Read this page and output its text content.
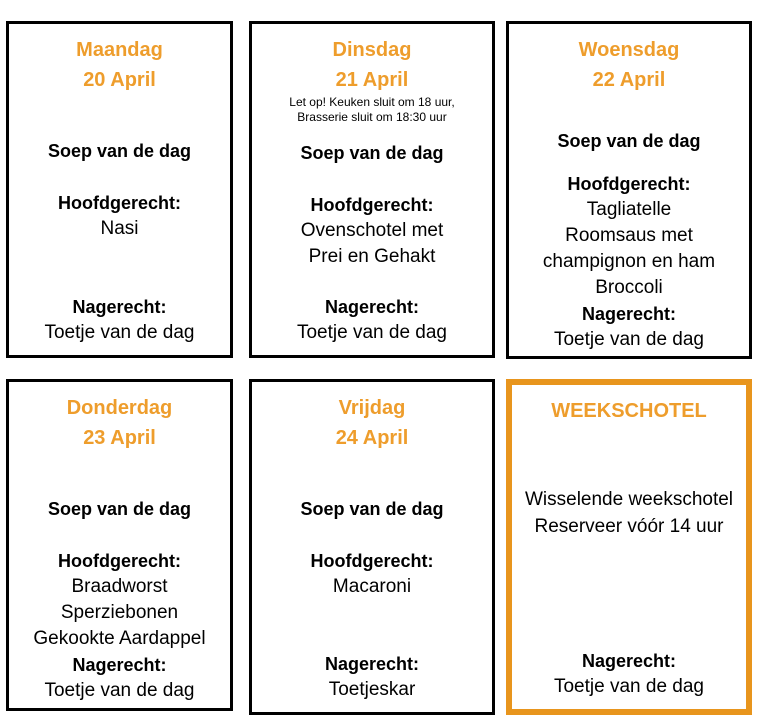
Maandag
20 April
Soep van de dag
Hoofdgerecht:
Nasi
Nagerecht:
Toetje van de dag
Dinsdag
21 April
Let op! Keuken sluit om 18 uur,
Brasserie sluit om 18:30 uur
Soep van de dag
Hoofdgerecht:
Ovenschotel met
Prei en Gehakt
Nagerecht:
Toetje van de dag
Woensdag
22 April
Soep van de dag
Hoofdgerecht:
Tagliatelle
Roomsaus met
champignon en ham
Broccoli
Nagerecht:
Toetje van de dag
Donderdag
23 April
Soep van de dag
Hoofdgerecht:
Braadworst
Sperziebonen
Gekookte Aardappel
Nagerecht:
Toetje van de dag
Vrijdag
24 April
Soep van de dag
Hoofdgerecht:
Macaroni
Nagerecht:
Toetjeskar
WEEKSCHOTEL
Wisselende weekschotel
Reserveer vóór 14 uur
Nagerecht:
Toetje van de dag
